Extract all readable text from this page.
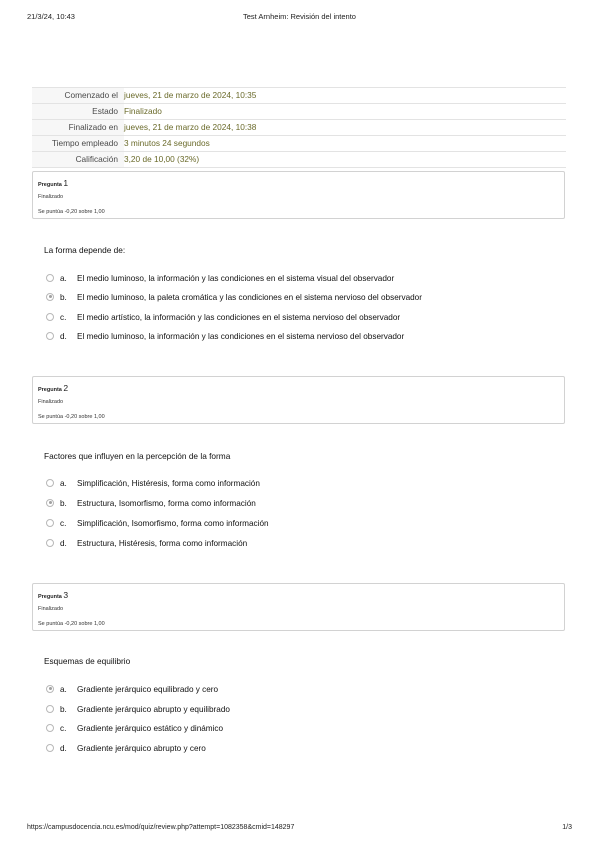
21/3/24, 10:43	Test Arnheim: Revisión del intento
Comenzado el jueves, 21 de marzo de 2024, 10:35
Estado Finalizado
Finalizado en jueves, 21 de marzo de 2024, 10:38
Tiempo empleado 3 minutos 24 segundos
Calificación 3,20 de 10,00 (32%)
Pregunta 1
Finalizado
Se puntúa -0,20 sobre 1,00
La forma depende de:
a. El medio luminoso, la información y las condiciones en el sistema visual del observador
b. El medio luminoso, la paleta cromática y las condiciones en el sistema nervioso del observador
c. El medio artístico, la información y las condiciones en el sistema nervioso del observador
d. El medio luminoso, la información y las condiciones en el sistema nervioso del observador
Pregunta 2
Finalizado
Se puntúa -0,20 sobre 1,00
Factores que influyen en la percepción de la forma
a. Simplificación, Histéresis, forma como información
b. Estructura, Isomorfismo, forma como información
c. Simplificación, Isomorfismo, forma como información
d. Estructura, Histéresis, forma como información
Pregunta 3
Finalizado
Se puntúa -0,20 sobre 1,00
Esquemas de equilibrio
a. Gradiente jerárquico equilibrado y cero
b. Gradiente jerárquico abrupto y equilibrado
c. Gradiente jerárquico estático y dinámico
d. Gradiente jerárquico abrupto y cero
https://campusdocencia.ncu.es/mod/quiz/review.php?attempt=1082358&cmid=148297	1/3
